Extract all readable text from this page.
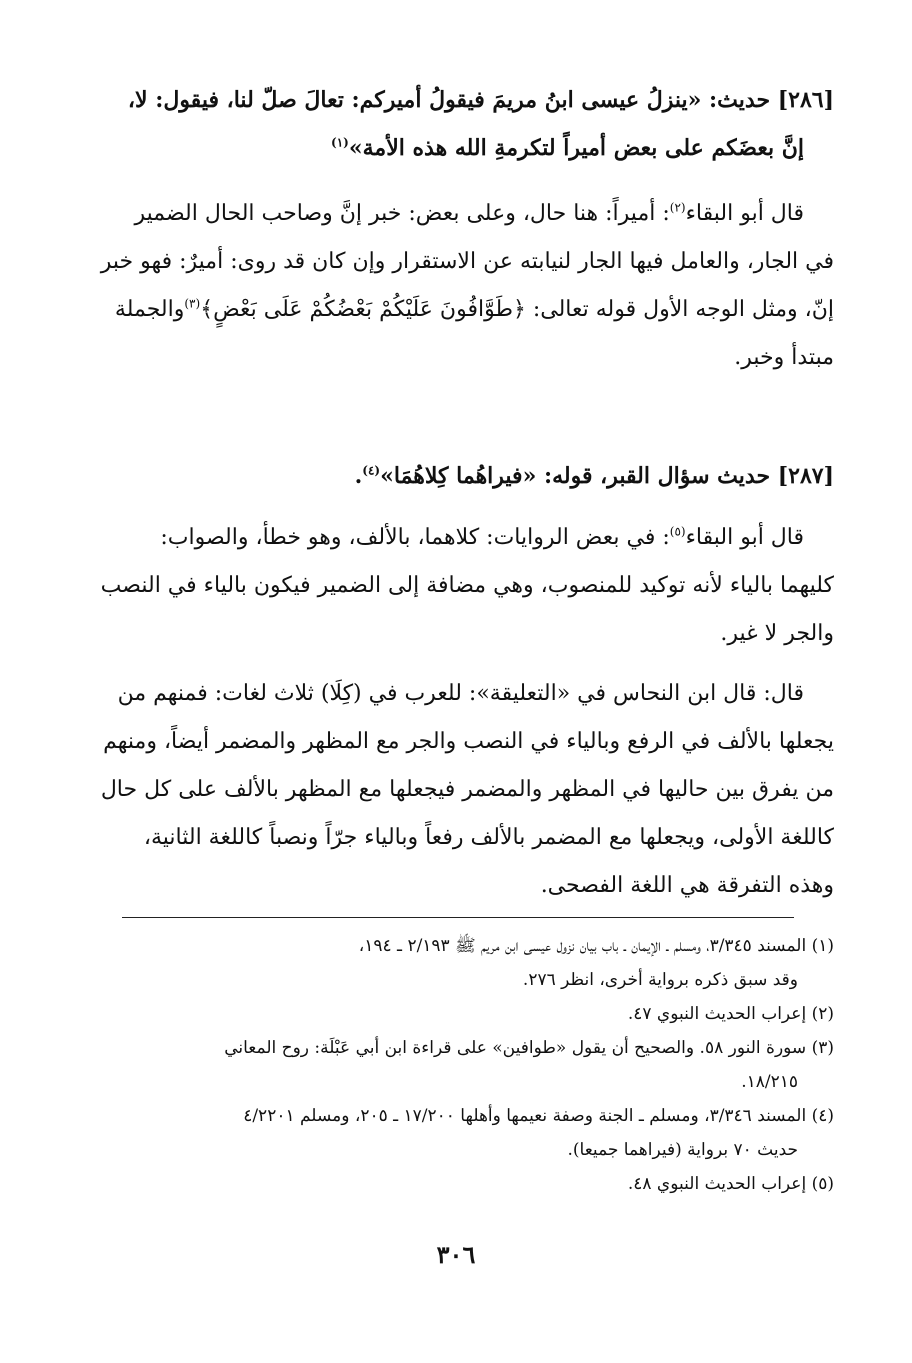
[٢٨٦] حديث: «ينزلُ عيسى ابنُ مريمَ فيقولُ أميركم: تعالَ صلّ لنا، فيقول: لا،
إنَّ بعضَكم على بعض أميراً لتكرمةِ الله هذه الأمة»$^{(١)}$
قال أبو البقاء$^{(٢)}$: أميراً: هنا حال، وعلى بعض: خبر إنَّ وصاحب الحال الضمير
في الجار، والعامل فيها الجار لنيابته عن الاستقرار وإن كان قد روى: أميرٌ: فهو خبر
إنّ، ومثل الوجه الأول قوله تعالى: ﴿طَوَّافُونَ عَلَيْكُمْ بَعْضُكُمْ عَلَى بَعْضٍ﴾$^{(٣)}$والجملة
مبتدأ وخبر.
[٢٨٧] حديث سؤال القبر، قوله: «فيراهُما كِلاهُمَا»$^{(٤)}$.
قال أبو البقاء$^{(٥)}$: في بعض الروايات: كلاهما، بالألف، وهو خطأ، والصواب:
كليهما بالياء لأنه توكيد للمنصوب، وهي مضافة إلى الضمير فيكون بالياء في النصب
والجر لا غير.
قال: قال ابن النحاس في «التعليقة»: للعرب في (كِلَا) ثلاث لغات: فمنهم من
يجعلها بالألف في الرفع وبالياء في النصب والجر مع المظهر والمضمر أيضاً، ومنهم
من يفرق بين حاليها في المظهر والمضمر فيجعلها مع المظهر بالألف على كل حال
كاللغة الأولى، ويجعلها مع المضمر بالألف رفعاً وبالياء جرّاً ونصباً كاللغة الثانية،
وهذه التفرقة هي اللغة الفصحى.
(١) المسند ٣/٣٤٥، ومسلم ـ الإيمان ـ باب بيان نزول عيسى ابن مريم ﷺ ٢/١٩٣ ـ ١٩٤،
وقد سبق ذكره برواية أخرى، انظر ٢٧٦.
(٢) إعراب الحديث النبوي ٤٧.
(٣) سورة النور ٥٨. والصحيح أن يقول «طوافين» على قراءة ابن أبي عَبْلَة: روح المعاني
١٨/٢١٥.
(٤) المسند ٣/٣٤٦، ومسلم ـ الجنة وصفة نعيمها وأهلها ١٧/٢٠٠ ـ ٢٠٥، ومسلم ٤/٢٢٠١
حديث ٧٠ برواية (فيراهما جميعا).
(٥) إعراب الحديث النبوي ٤٨.
٣٠٦
